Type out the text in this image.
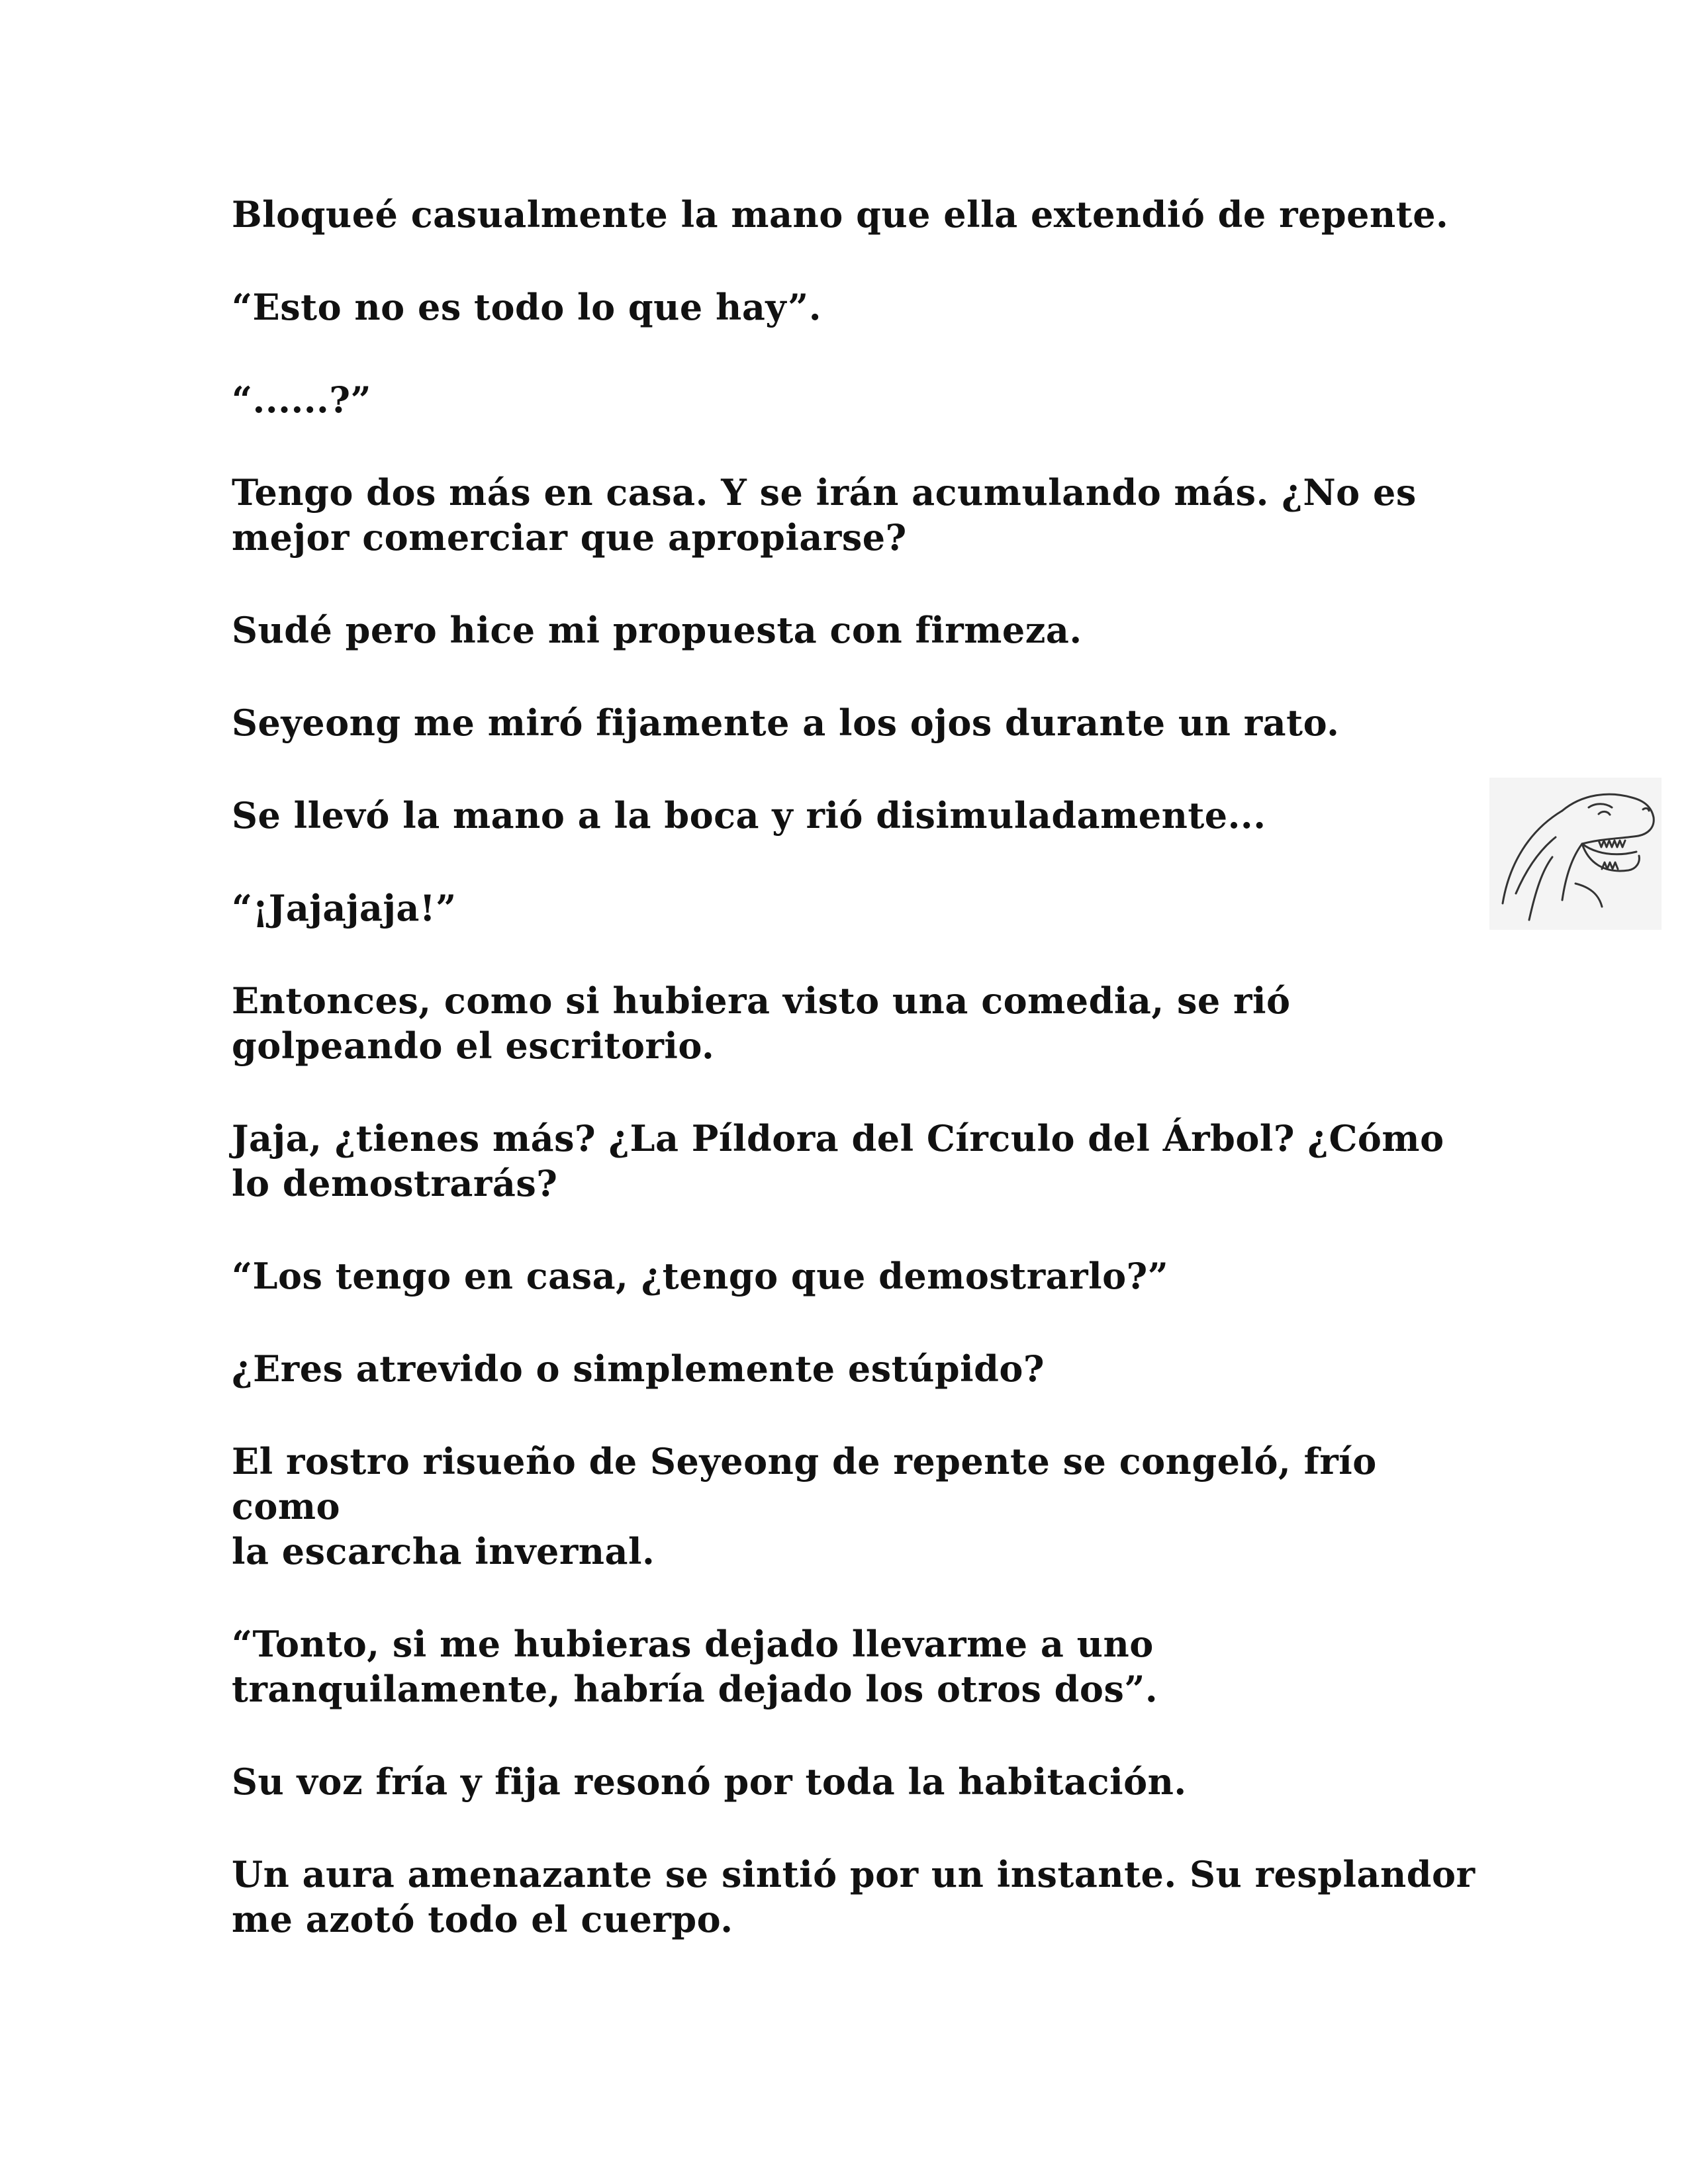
Bloqueé casualmente la mano que ella extendió de repente.

“Esto no es todo lo que hay”.

“......?”

Tengo dos más en casa. Y se irán acumulando más. ¿No es
mejor comerciar que apropiarse?

Sudé pero hice mi propuesta con firmeza.

Seyeong me miró fijamente a los ojos durante un rato.

Se llevó la mano a la boca y rió disimuladamente...

“¡Jajajaja!”

Entonces, como si hubiera visto una comedia, se rió
golpeando el escritorio.

Jaja, ¿tienes más? ¿La Píldora del Círculo del Árbol? ¿Cómo
lo demostrarás?

“Los tengo en casa, ¿tengo que demostrarlo?”

¿Eres atrevido o simplemente estúpido?

El rostro risueño de Seyeong de repente se congeló, frío como
la escarcha invernal.

“Tonto, si me hubieras dejado llevarme a uno
tranquilamente, habría dejado los otros dos”.

Su voz fría y fija resonó por toda la habitación.

Un aura amenazante se sintió por un instante. Su resplandor
me azotó todo el cuerpo.
